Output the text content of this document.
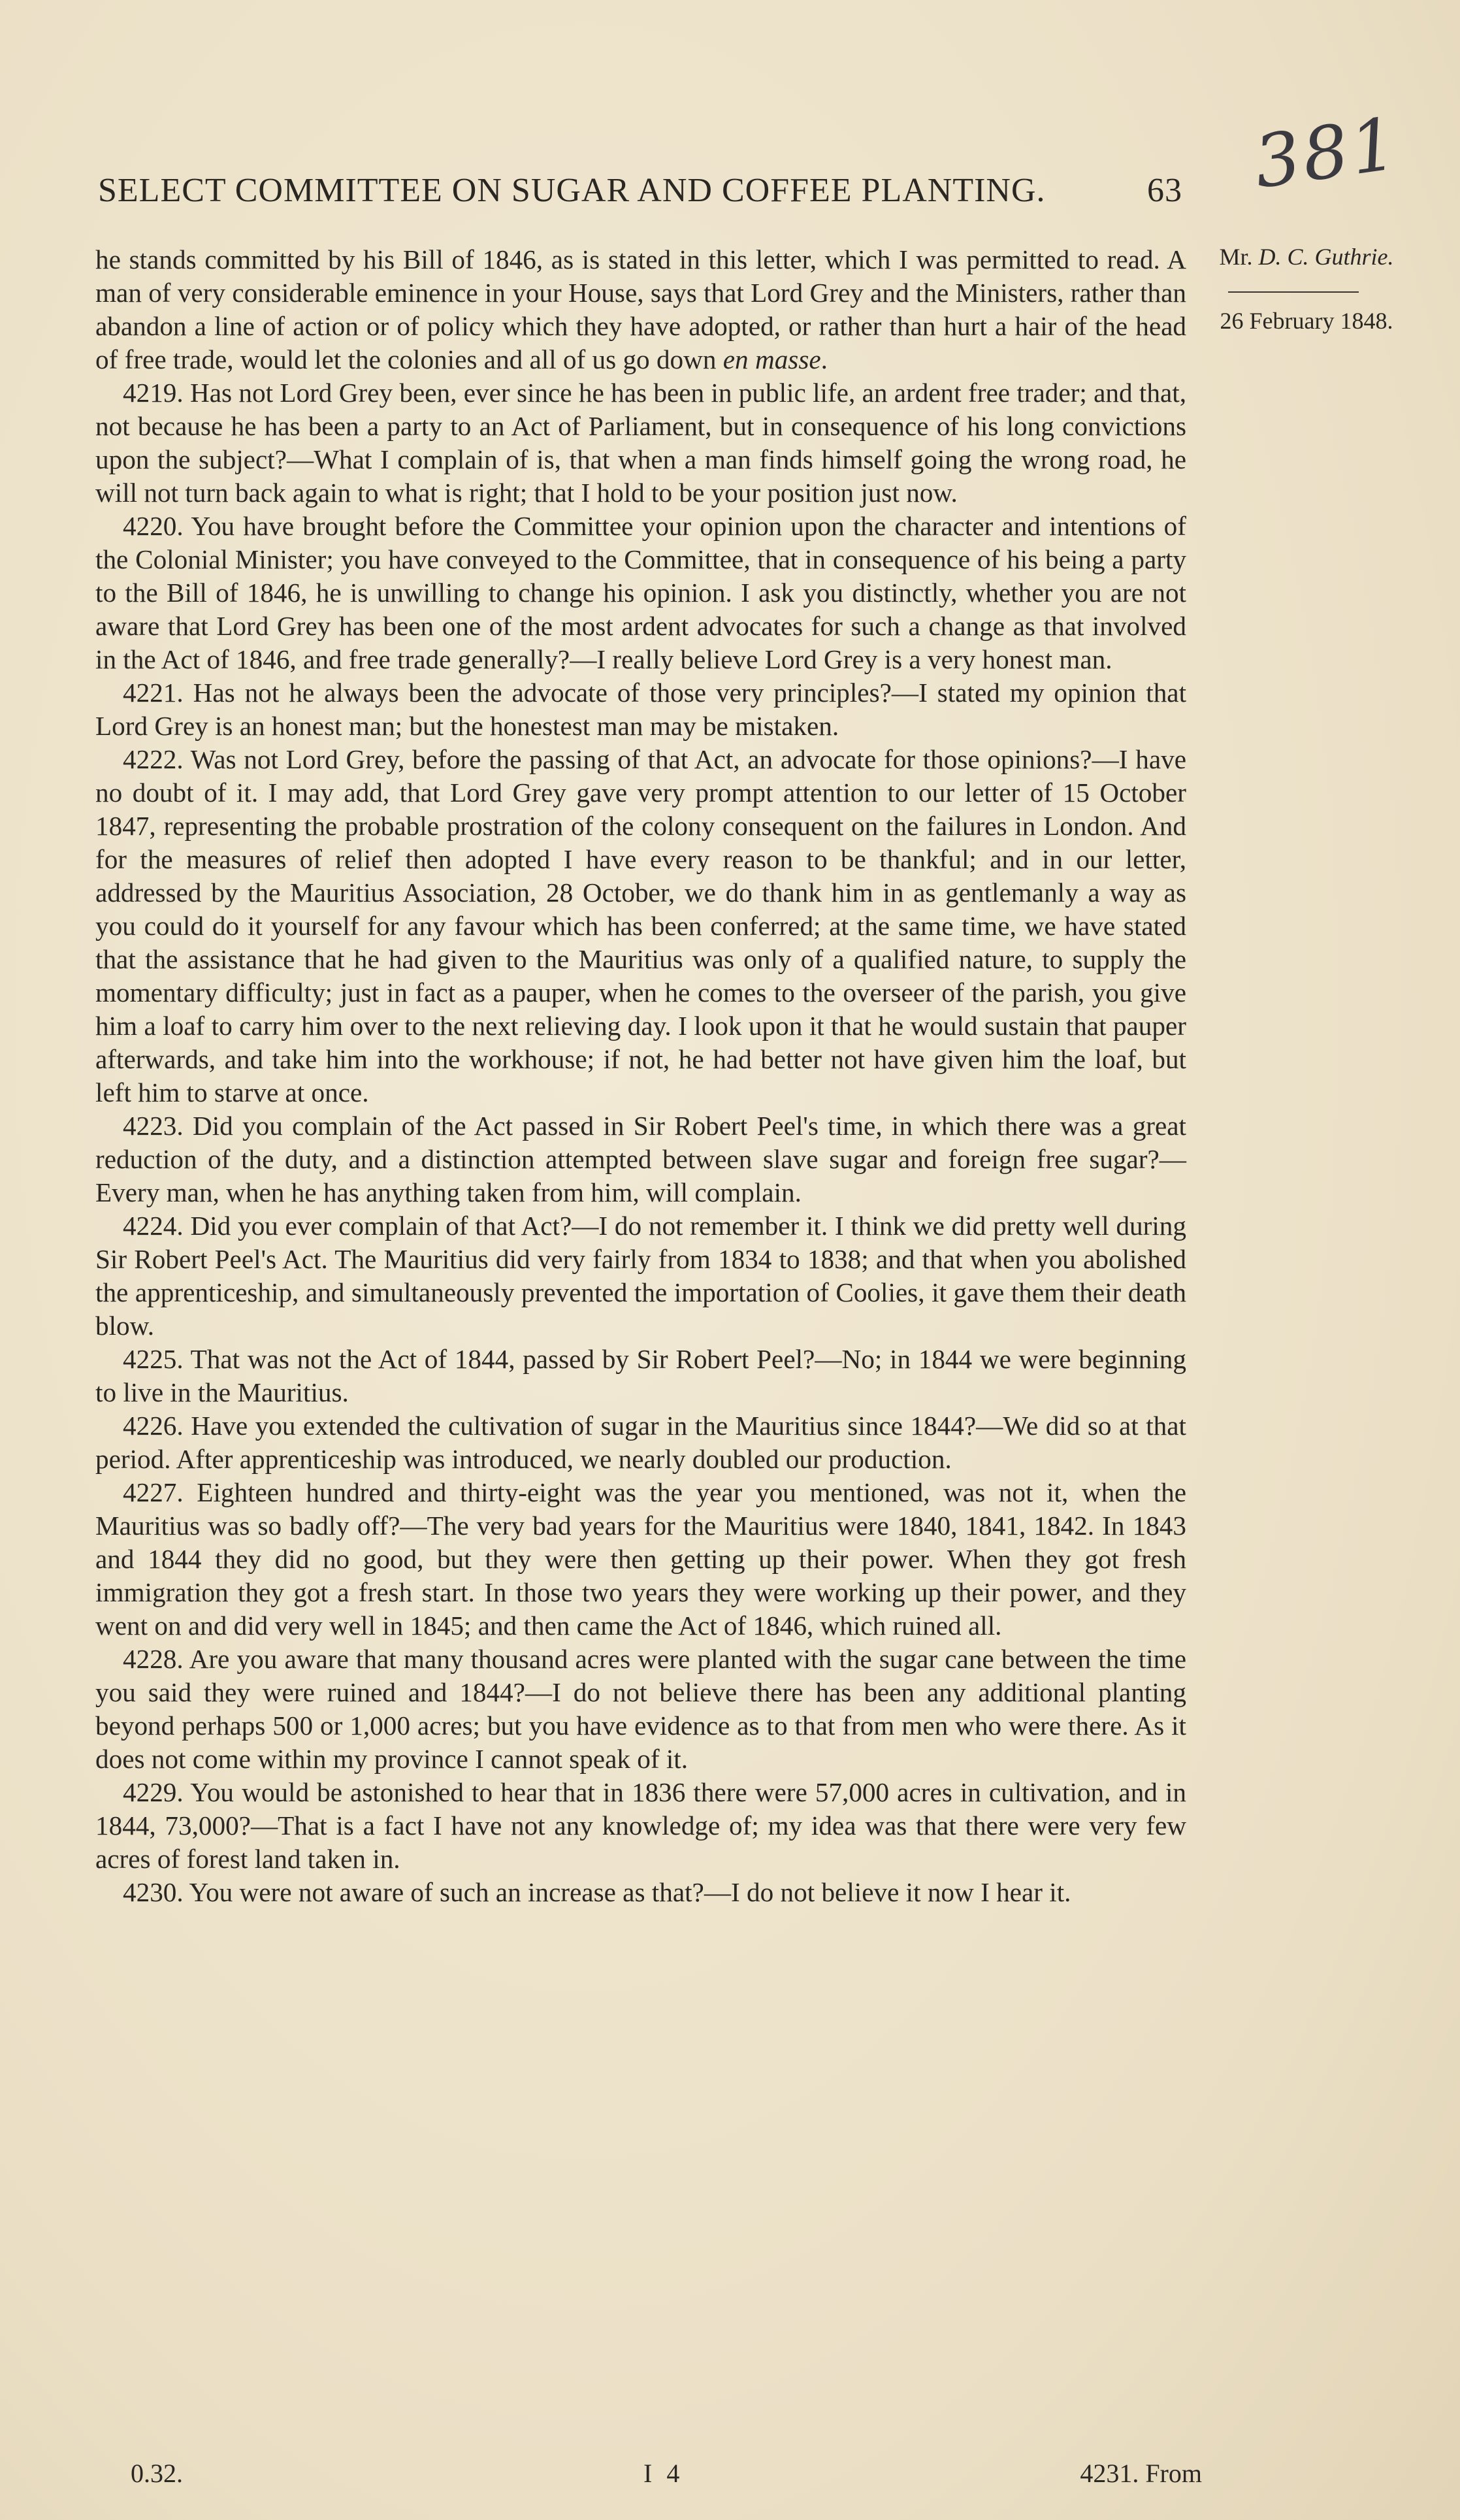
381
SELECT COMMITTEE ON SUGAR AND COFFEE PLANTING.	63
Mr. D. C. Guthrie.
26 February 1848.

he stands committed by his Bill of 1846, as is stated in this letter, which I was permitted to read. A man of very considerable eminence in your House, says that Lord Grey and the Ministers, rather than abandon a line of action or of policy which they have adopted, or rather than hurt a hair of the head of free trade, would let the colonies and all of us go down en masse.

4219. Has not Lord Grey been, ever since he has been in public life, an ardent free trader; and that, not because he has been a party to an Act of Parliament, but in consequence of his long convictions upon the subject?—What I complain of is, that when a man finds himself going the wrong road, he will not turn back again to what is right; that I hold to be your position just now.

4220. You have brought before the Committee your opinion upon the character and intentions of the Colonial Minister; you have conveyed to the Committee, that in consequence of his being a party to the Bill of 1846, he is unwilling to change his opinion. I ask you distinctly, whether you are not aware that Lord Grey has been one of the most ardent advocates for such a change as that involved in the Act of 1846, and free trade generally?—I really believe Lord Grey is a very honest man.

4221. Has not he always been the advocate of those very principles?—I stated my opinion that Lord Grey is an honest man; but the honestest man may be mistaken.

4222. Was not Lord Grey, before the passing of that Act, an advocate for those opinions?—I have no doubt of it. I may add, that Lord Grey gave very prompt attention to our letter of 15 October 1847, representing the probable prostration of the colony consequent on the failures in London. And for the measures of relief then adopted I have every reason to be thankful; and in our letter, addressed by the Mauritius Association, 28 October, we do thank him in as gentlemanly a way as you could do it yourself for any favour which has been conferred; at the same time, we have stated that the assistance that he had given to the Mauritius was only of a qualified nature, to supply the momentary difficulty; just in fact as a pauper, when he comes to the overseer of the parish, you give him a loaf to carry him over to the next relieving day. I look upon it that he would sustain that pauper afterwards, and take him into the workhouse; if not, he had better not have given him the loaf, but left him to starve at once.

4223. Did you complain of the Act passed in Sir Robert Peel's time, in which there was a great reduction of the duty, and a distinction attempted between slave sugar and foreign free sugar?—Every man, when he has anything taken from him, will complain.

4224. Did you ever complain of that Act?—I do not remember it. I think we did pretty well during Sir Robert Peel's Act. The Mauritius did very fairly from 1834 to 1838; and that when you abolished the apprenticeship, and simultaneously prevented the importation of Coolies, it gave them their death blow.

4225. That was not the Act of 1844, passed by Sir Robert Peel?—No; in 1844 we were beginning to live in the Mauritius.

4226. Have you extended the cultivation of sugar in the Mauritius since 1844?—We did so at that period. After apprenticeship was introduced, we nearly doubled our production.

4227. Eighteen hundred and thirty-eight was the year you mentioned, was not it, when the Mauritius was so badly off?—The very bad years for the Mauritius were 1840, 1841, 1842. In 1843 and 1844 they did no good, but they were then getting up their power. When they got fresh immigration they got a fresh start. In those two years they were working up their power, and they went on and did very well in 1845; and then came the Act of 1846, which ruined all.

4228. Are you aware that many thousand acres were planted with the sugar cane between the time you said they were ruined and 1844?—I do not believe there has been any additional planting beyond perhaps 500 or 1,000 acres; but you have evidence as to that from men who were there. As it does not come within my province I cannot speak of it.

4229. You would be astonished to hear that in 1836 there were 57,000 acres in cultivation, and in 1844, 73,000?—That is a fact I have not any knowledge of; my idea was that there were very few acres of forest land taken in.

4230. You were not aware of such an increase as that?—I do not believe it now I hear it.

0.32.	I 4	4231. From
